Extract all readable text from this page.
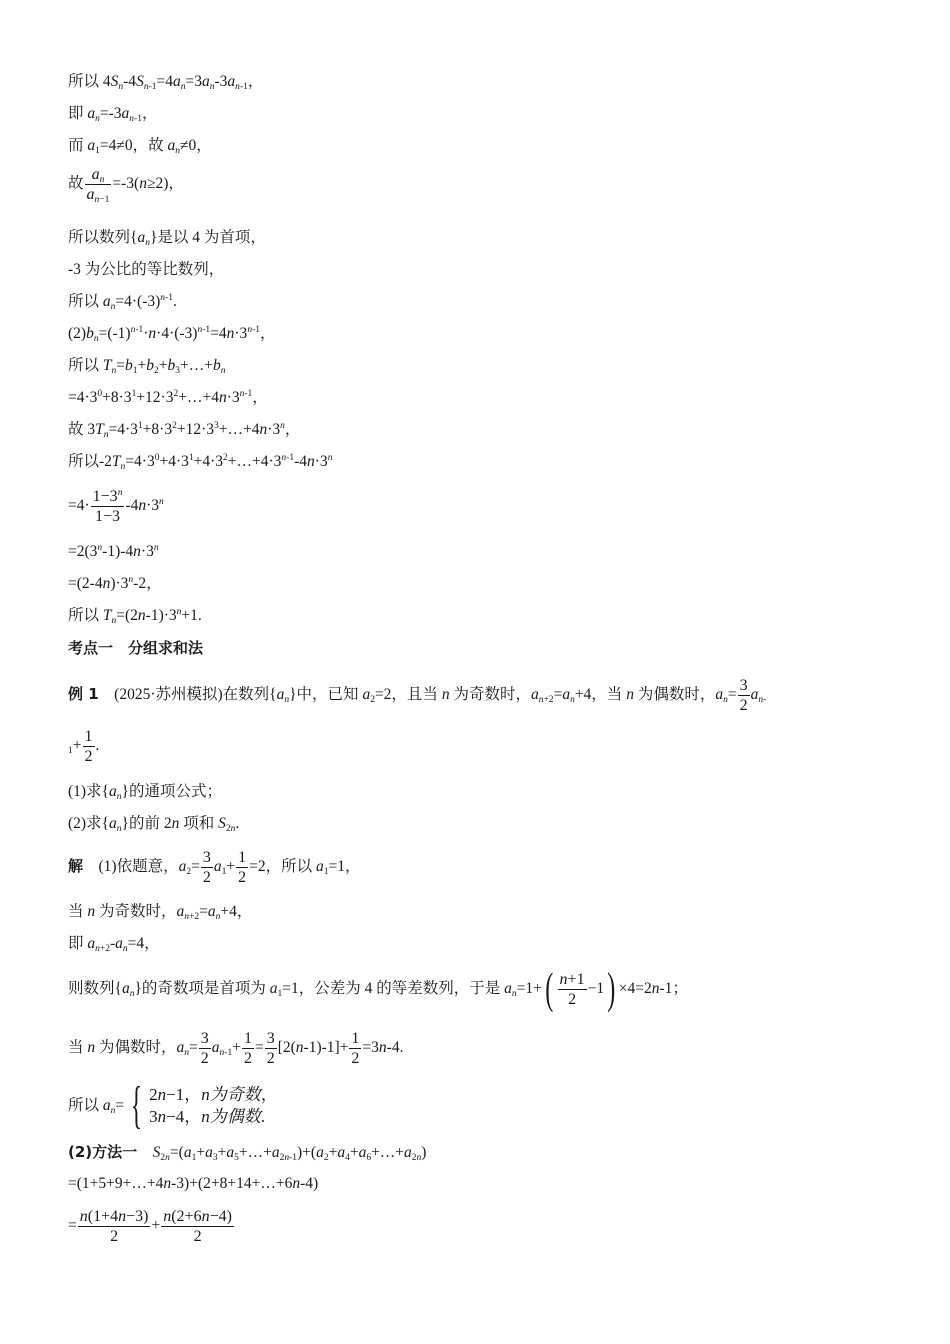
所以 $4S_n-4S_{n-1}=4a_n=3a_n-3a_{n-1}$，
即 $a_n=-3a_{n-1}$，
而 $a_1=4\ne 0$，故 $a_n\ne 0$，
故 $\frac{a_n}{a_{n-1}} =-3(n\ge 2)$，
所以数列$\{a_n\}$是以 4 为首项，
-3 为公比的等比数列，
所以 $a_n=4\cdot(-3)^{n-1}$.
$(2)b_n=(-1)^{n-1}\cdot n\cdot 4\cdot(-3)^{n-1}=4n\cdot 3^{n-1}$，
所以 $T_n=b_1+b_2+b_3+\dots+b_n$
$=4\cdot 3^0+8\cdot 3^1+12\cdot 3^2+\dots+4n\cdot 3^{n-1}$，
故 $3T_n=4\cdot 3^1+8\cdot 3^2+12\cdot 3^3+\dots+4n\cdot 3^n$，
所以$-2T_n=4\cdot 3^0+4\cdot 3^1+4\cdot 3^2+\dots+4\cdot 3^{n-1}-4n\cdot 3^n$
$=4\cdot \frac{1-3^n}{1-3} -4n\cdot 3^n$
$=2(3^n-1)-4n\cdot 3^n$
$=(2-4n)\cdot 3^n-2$，
所以 $T_n=(2n-1)\cdot 3^n+1$.
考点一　分组求和法
例 1　(2025·苏州模拟)在数列$\{a_n\}$中，已知 $a_2=2$，且当 n 为奇数时，$a_{n+2}=a_n+4$，当 n 为偶数时，$a_n= \frac{3}{2} a_{n-}$
$_1+ \frac{1}{2}$ .
(1)求$\{a_n\}$的通项公式；
(2)求$\{a_n\}$的前 2n 项和 $S_{2n}$.
解　(1)依题意，$a_2= \frac{3}{2} a_1+ \frac{1}{2} =2$，所以 $a_1=1$，
当 n 为奇数时，$a_{n+2}=a_n+4$，
即 $a_{n+2}-a_n=4$，
则数列$\{a_n\}$的奇数项是首项为 $a_1=1$，公差为 4 的等差数列，于是 $a_n=1+( \frac{n+1}{2} -1) \times 4=2n-1$；
当 n 为偶数时，$a_n= \frac{3}{2} a_{n-1}+ \frac{1}{2} = \frac{3}{2} [2(n-1)-1]+ \frac{1}{2} =3n-4$.
所以 $a_n=$ { 2n−1，n为奇数，
3n−4，n为偶数.
(2)方法一　 $S_{2n}=(a_1+a_3+a_5+\dots+a_{2n-1})+(a_2+a_4+a_6+\dots+a_{2n})$
=(1+5+9+…+4n-3)+(2+8+14+…+6n-4)
= $\frac{n(1+4n-3)}{2} + \frac{n(2+6n-4)}{2}$
